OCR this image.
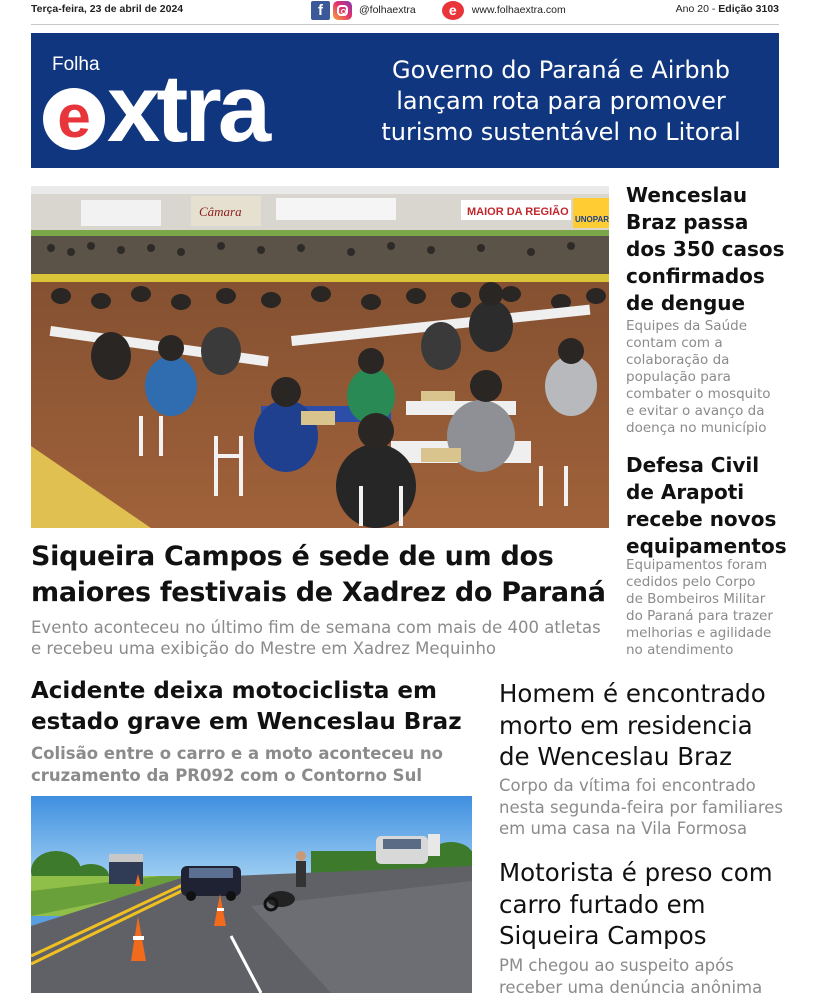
Terça-feira, 23 de abril de 2024	f	@folhaextra	e	www.folhaextra.com	Ano 20 - Edição 3103
Folha
e xtra	Governo do Paraná e Airbnb lançam rota para promover turismo sustentável no Litoral
Câmara	MAIOR DA REGIÃO
UNOPAR
Siqueira Campos é sede de um dos maiores festivais de Xadrez do Paraná
Evento aconteceu no último fim de semana com mais de 400 atletas e recebeu uma exibição do Mestre em Xadrez Mequinho
Wenceslau Braz passa dos 350 casos confirmados de dengue
Equipes da Saúde contam com a colaboração da população para combater o mosquito e evitar o avanço da doença no município
Defesa Civil de Arapoti recebe novos equipamentos
Equipamentos foram cedidos pelo Corpo de Bombeiros Militar do Paraná para trazer melhorias e agilidade no atendimento
Acidente deixa motociclista em estado grave em Wenceslau Braz
Colisão entre o carro e a moto aconteceu no cruzamento da PR092 com o Contorno Sul
Homem é encontrado morto em residencia de Wenceslau Braz
Corpo da vítima foi encontrado nesta segunda-feira por familiares em uma casa na Vila Formosa
Motorista é preso com carro furtado em Siqueira Campos
PM chegou ao suspeito após receber uma denúncia anônima
